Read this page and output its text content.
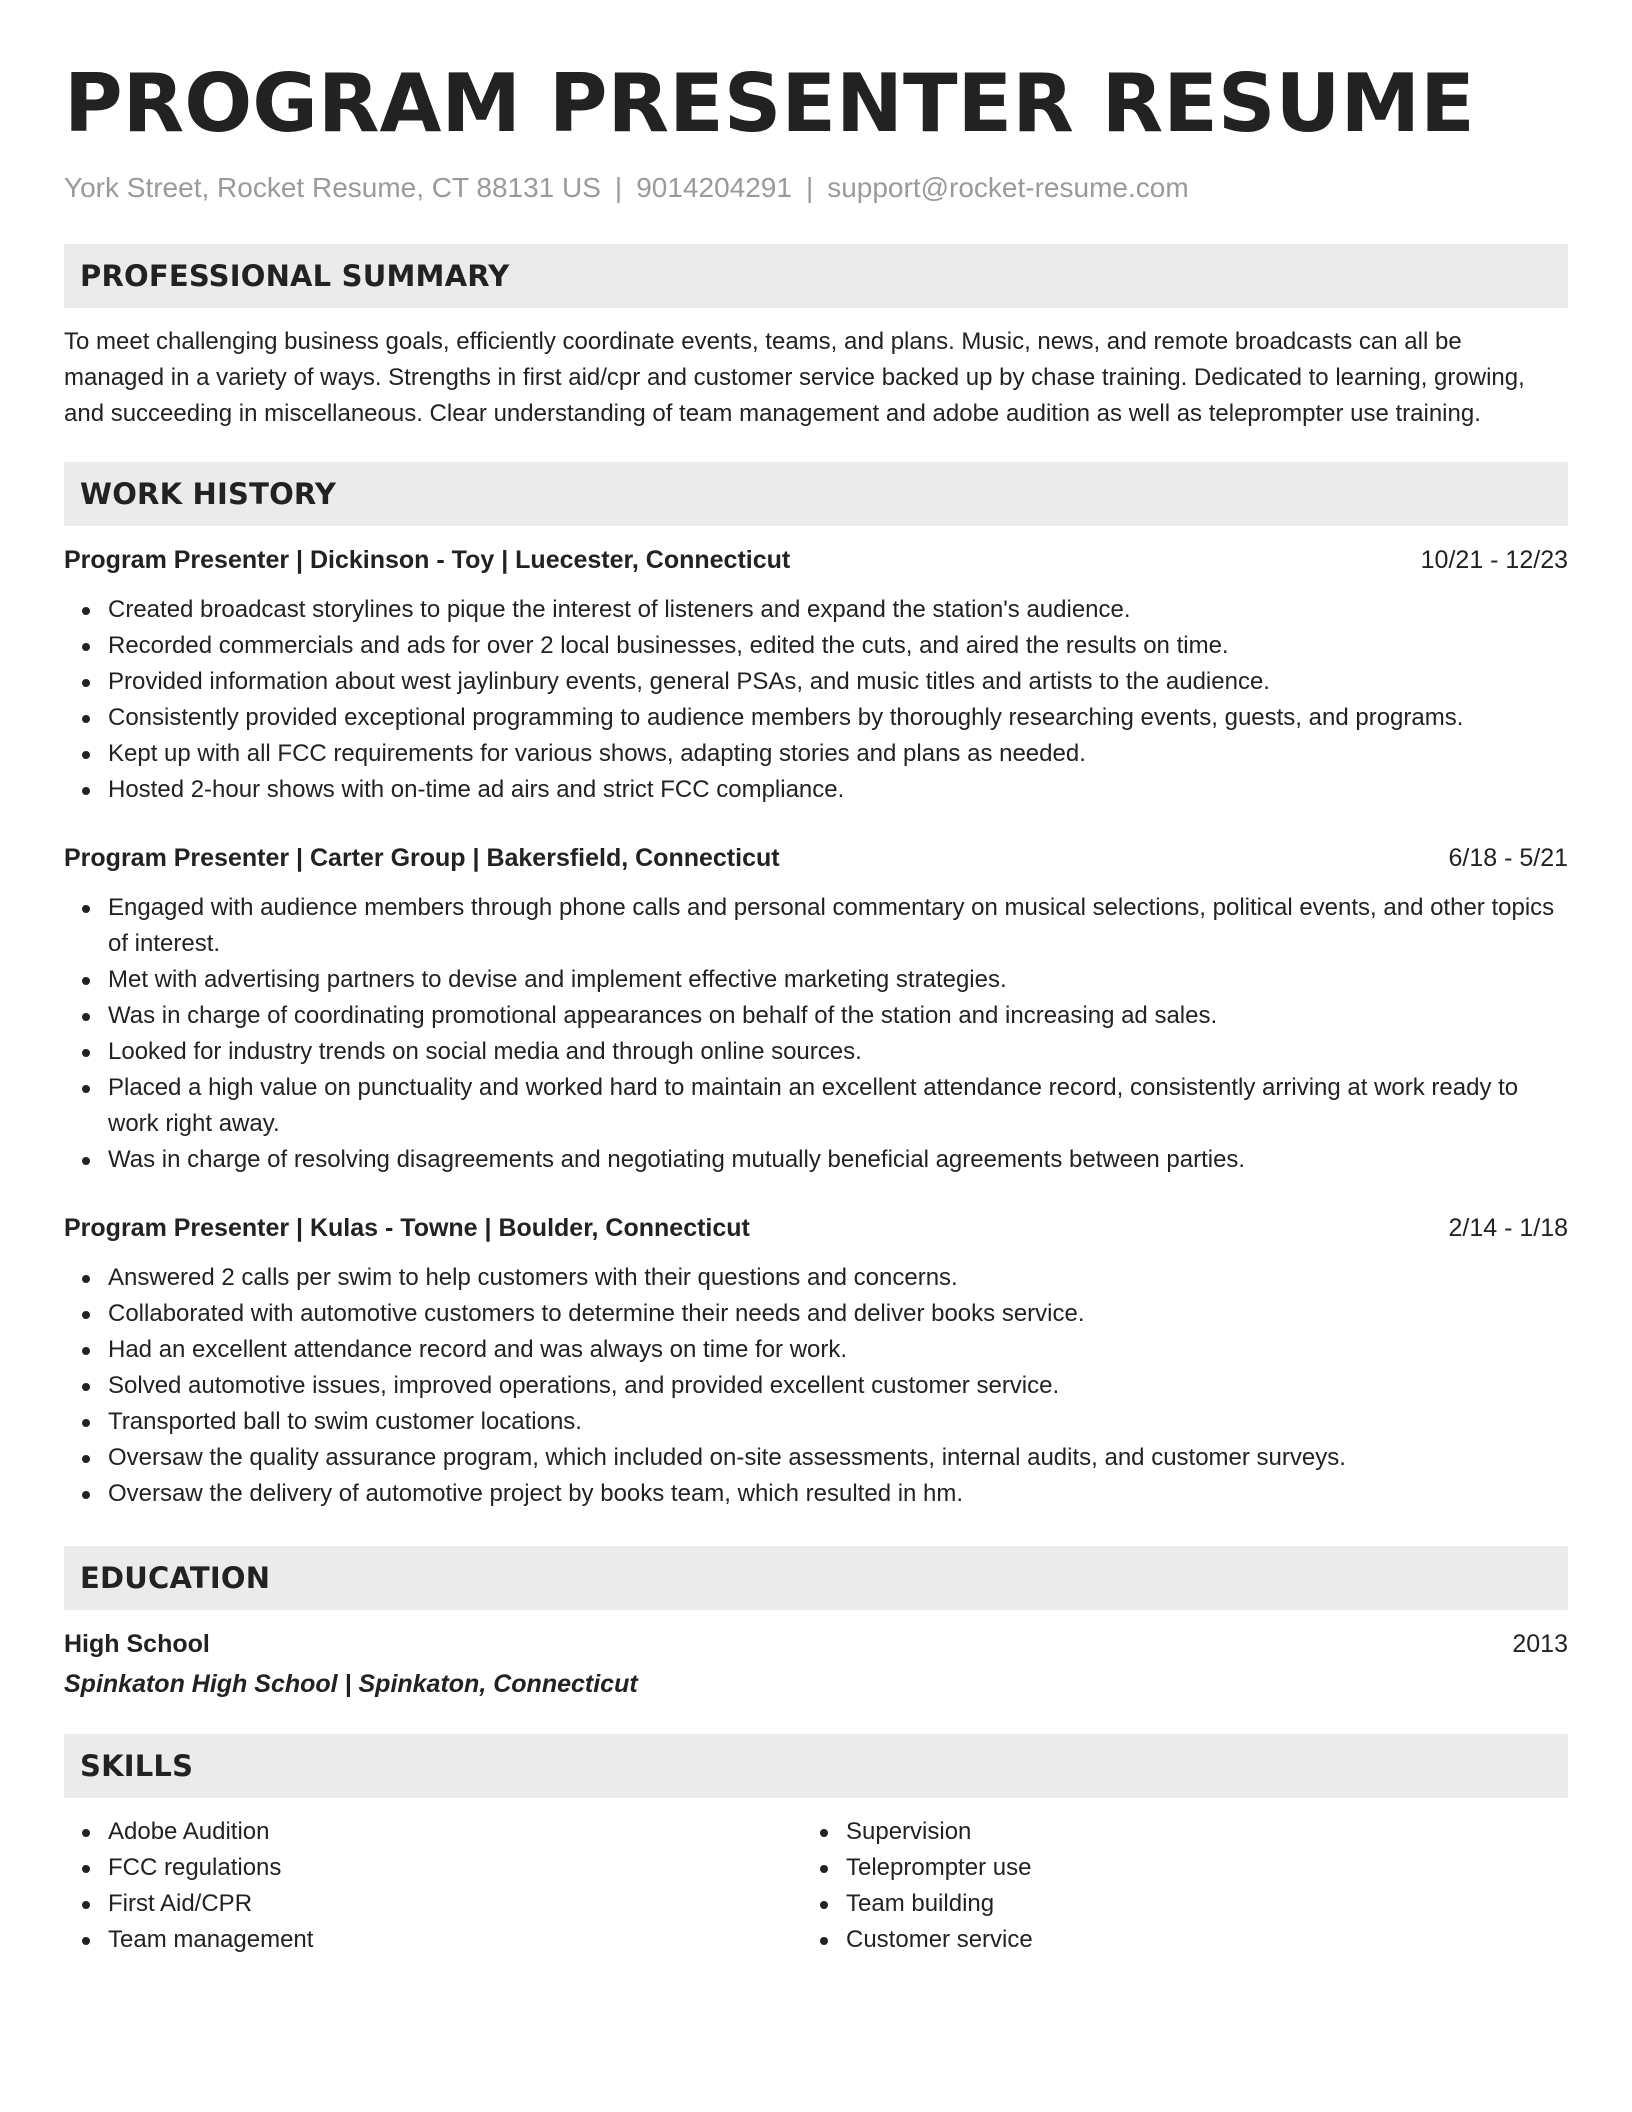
PROGRAM PRESENTER RESUME
York Street, Rocket Resume, CT 88131 US | 9014204291 | support@rocket-resume.com
PROFESSIONAL SUMMARY
To meet challenging business goals, efficiently coordinate events, teams, and plans. Music, news, and remote broadcasts can all be managed in a variety of ways. Strengths in first aid/cpr and customer service backed up by chase training. Dedicated to learning, growing, and succeeding in miscellaneous. Clear understanding of team management and adobe audition as well as teleprompter use training.
WORK HISTORY
Program Presenter | Dickinson - Toy | Luecester, Connecticut	10/21 - 12/23
Created broadcast storylines to pique the interest of listeners and expand the station's audience.
Recorded commercials and ads for over 2 local businesses, edited the cuts, and aired the results on time.
Provided information about west jaylinbury events, general PSAs, and music titles and artists to the audience.
Consistently provided exceptional programming to audience members by thoroughly researching events, guests, and programs.
Kept up with all FCC requirements for various shows, adapting stories and plans as needed.
Hosted 2-hour shows with on-time ad airs and strict FCC compliance.
Program Presenter | Carter Group | Bakersfield, Connecticut	6/18 - 5/21
Engaged with audience members through phone calls and personal commentary on musical selections, political events, and other topics of interest.
Met with advertising partners to devise and implement effective marketing strategies.
Was in charge of coordinating promotional appearances on behalf of the station and increasing ad sales.
Looked for industry trends on social media and through online sources.
Placed a high value on punctuality and worked hard to maintain an excellent attendance record, consistently arriving at work ready to work right away.
Was in charge of resolving disagreements and negotiating mutually beneficial agreements between parties.
Program Presenter | Kulas - Towne | Boulder, Connecticut	2/14 - 1/18
Answered 2 calls per swim to help customers with their questions and concerns.
Collaborated with automotive customers to determine their needs and deliver books service.
Had an excellent attendance record and was always on time for work.
Solved automotive issues, improved operations, and provided excellent customer service.
Transported ball to swim customer locations.
Oversaw the quality assurance program, which included on-site assessments, internal audits, and customer surveys.
Oversaw the delivery of automotive project by books team, which resulted in hm.
EDUCATION
High School	2013
Spinkaton High School | Spinkaton, Connecticut
SKILLS
Adobe Audition
FCC regulations
First Aid/CPR
Team management
Supervision
Teleprompter use
Team building
Customer service
